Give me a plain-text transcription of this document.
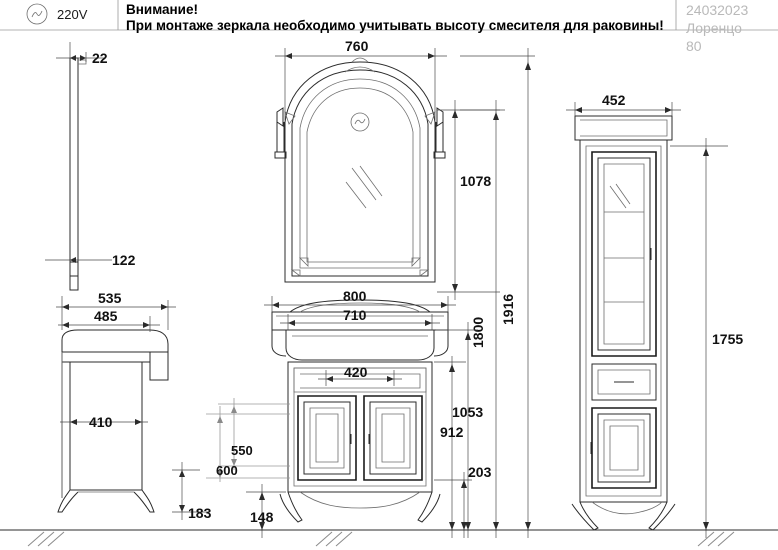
22
122
535
485
410
183
760
1078
800
710
420
1916
1800
1053
912
203
148
550
600
452
1755
220V	Внимание!
При монтаже зеркала необходимо учитывать высоту смесителя для раковины!
24032023
Лоренцо
80
